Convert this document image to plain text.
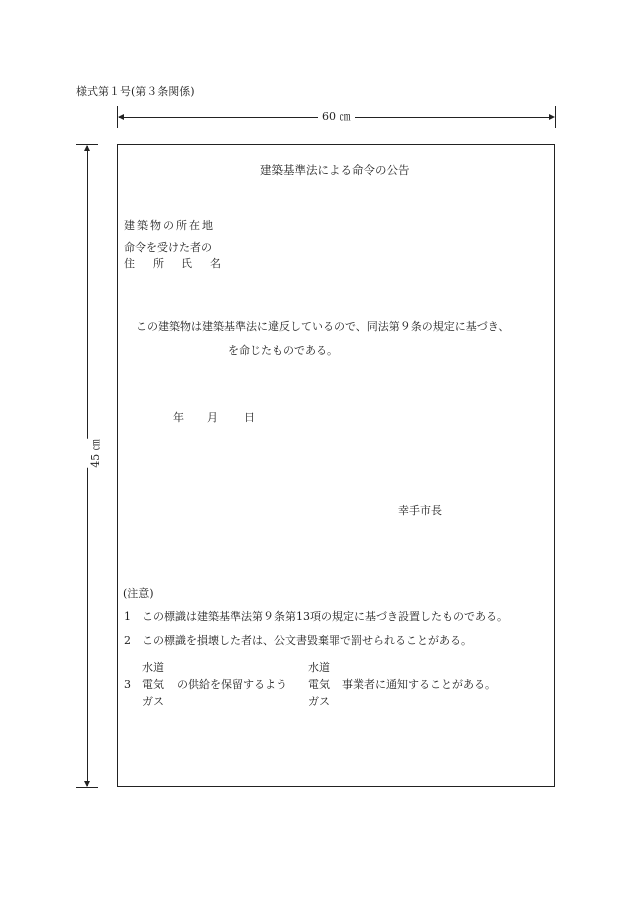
様式第１号(第３条関係)
60 ㎝
45 ㎝
建築基準法による命令の公告
建築物の所在地
命令を受けた者の
住 所 氏 名
この建築物は建築基準法に違反しているので、同法第９条の規定に基づき、
を命じたものである。
年 月 日
幸手市長
(注意)
1 この標識は建築基準法第９条第13項の規定に基づき設置したものである。
2 この標識を損壊した者は、公文書毀棄罪で罰せられることがある。
3
水道
電気
ガス
の供給を保留するよう
水道
電気
ガス
事業者に通知することがある。
